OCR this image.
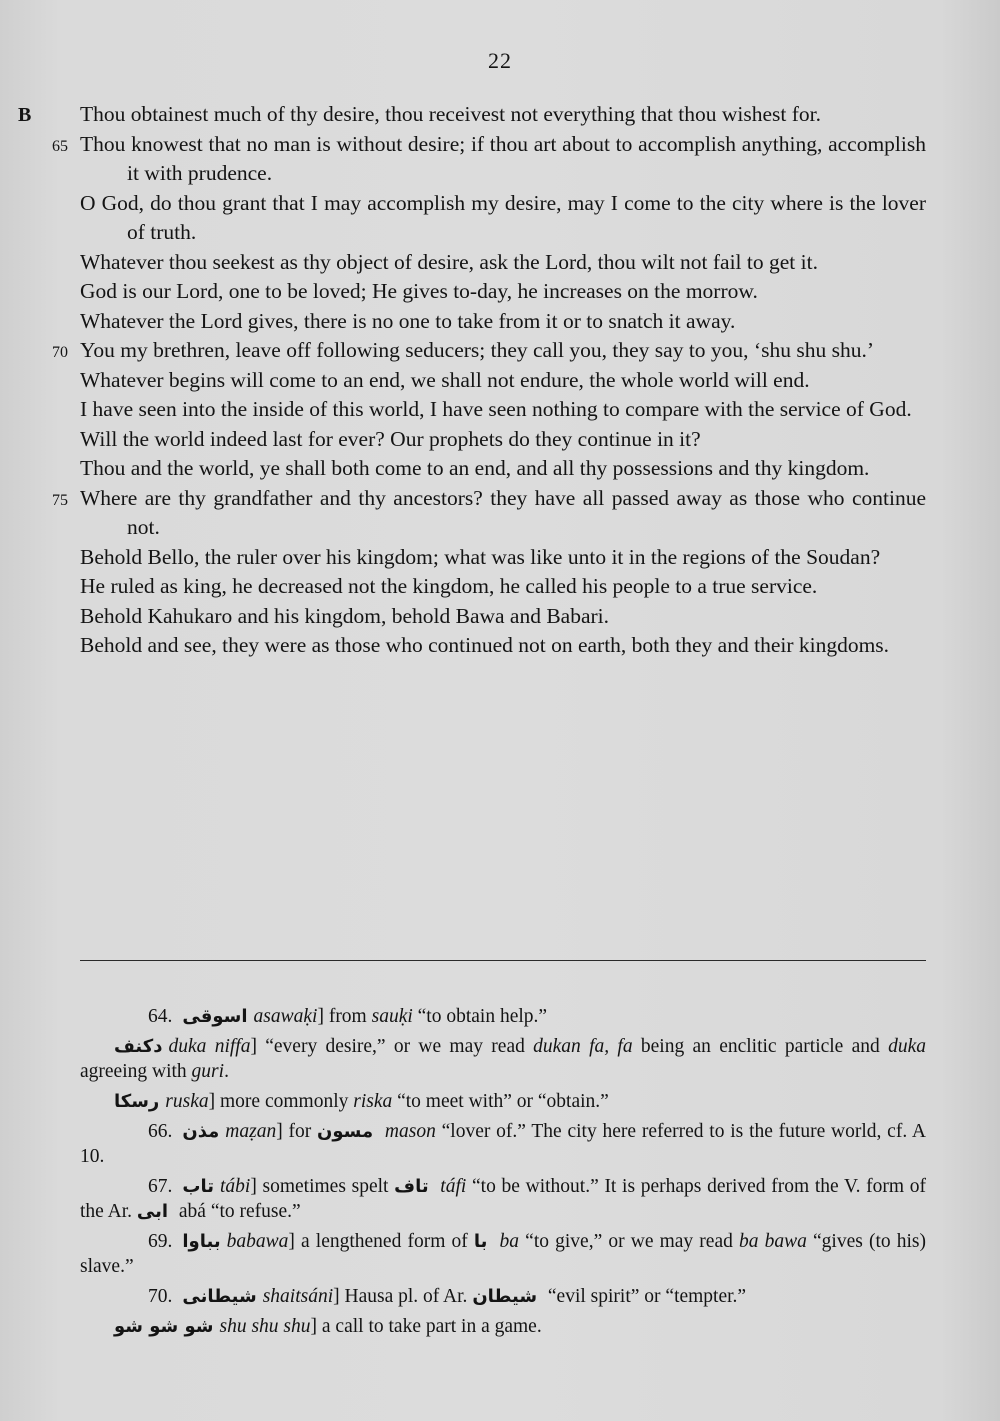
22
B Thou obtainest much of thy desire, thou receivest not everything that thou wishest for.
65 Thou knowest that no man is without desire; if thou art about to accomplish anything, accomplish it with prudence.
O God, do thou grant that I may accomplish my desire, may I come to the city where is the lover of truth.
Whatever thou seekest as thy object of desire, ask the Lord, thou wilt not fail to get it.
God is our Lord, one to be loved; He gives to-day, he increases on the morrow.
Whatever the Lord gives, there is no one to take from it or to snatch it away.
70 You my brethren, leave off following seducers; they call you, they say to you, ‘shu shu shu.’
Whatever begins will come to an end, we shall not endure, the whole world will end.
I have seen into the inside of this world, I have seen nothing to compare with the service of God.
Will the world indeed last for ever? Our prophets do they continue in it?
Thou and the world, ye shall both come to an end, and all thy possessions and thy kingdom.
75 Where are thy grandfather and thy ancestors? they have all passed away as those who continue not.
Behold Bello, the ruler over his kingdom; what was like unto it in the regions of the Soudan?
He ruled as king, he decreased not the kingdom, he called his people to a true service.
Behold Kahukaro and his kingdom, behold Bawa and Babari.
Behold and see, they were as those who continued not on earth, both they and their kingdoms.
64. اسوقى asawaḳi] from sauḳi “to obtain help.”
دكنف duka niffa] “every desire,” or we may read dukan fa, fa being an enclitic particle and duka agreeing with guri.
رسكا ruska] more commonly riska “to meet with” or “obtain.”
66. مذن maẓan] for مسون mason “lover of.” The city here referred to is the future world, cf. A 10.
67. تاب tábi] sometimes spelt تاف táfi “to be without.” It is perhaps derived from the V. form of the Ar. ابى abá “to refuse.”
69. بباوا babawa] a lengthened form of با ba “to give,” or we may read ba bawa “gives (to his) slave.”
70. شيطانى shaitsáni] Hausa pl. of Ar. شيطان “evil spirit” or “tempter.”
شو شو شو shu shu shu] a call to take part in a game.
